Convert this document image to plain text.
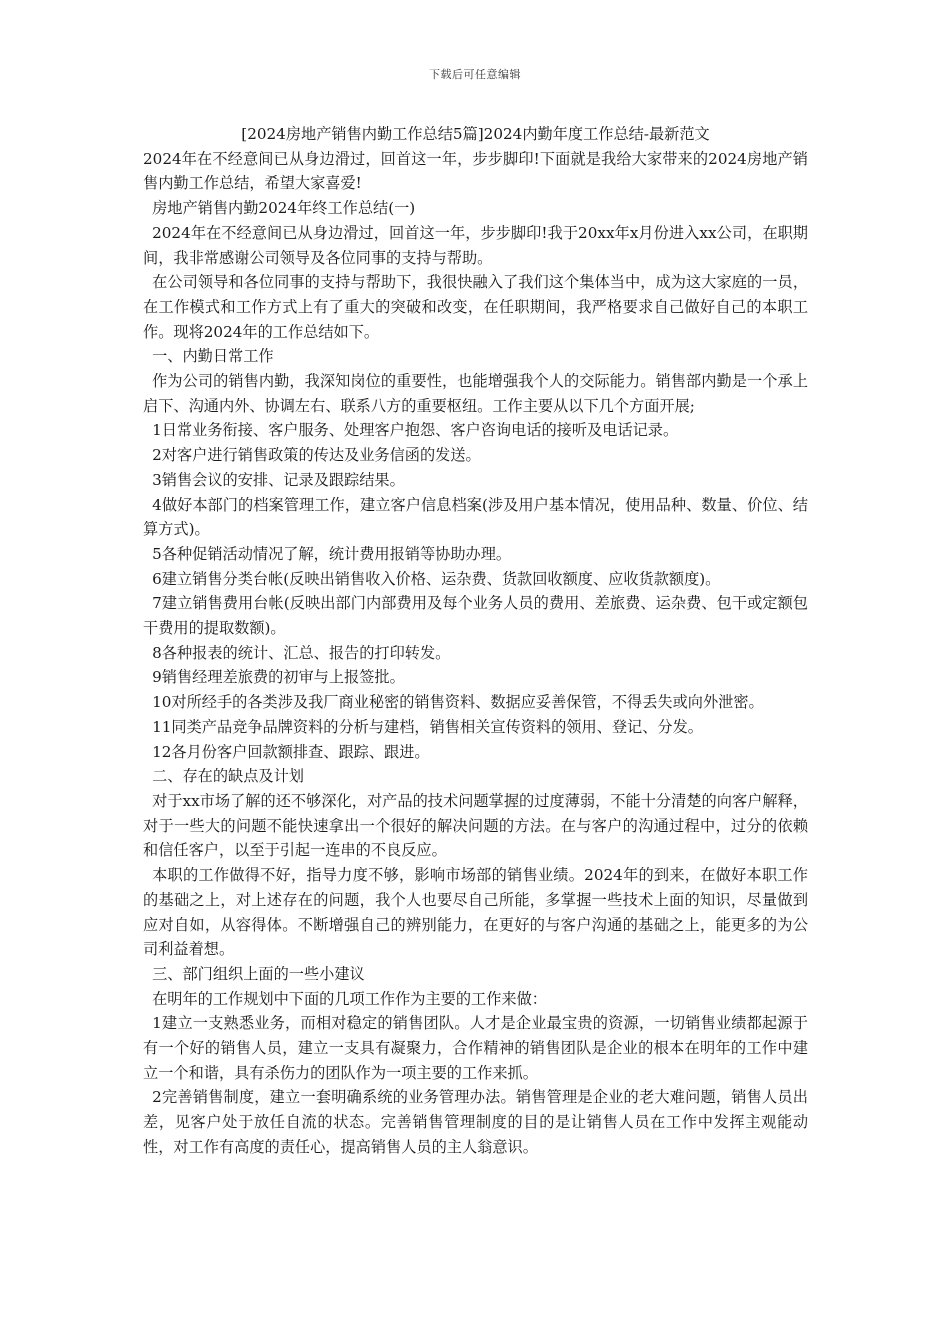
下载后可任意编辑

[2024房地产销售内勤工作总结5篇]2024内勤年度工作总结-最新范文

2024年在不经意间已从身边滑过，回首这一年，步步脚印!下面就是我给大家带来的2024房地产销售内勤工作总结，希望大家喜爱!

房地产销售内勤2024年终工作总结(一)

2024年在不经意间已从身边滑过，回首这一年，步步脚印!我于20xx年x月份进入xx公司，在职期间，我非常感谢公司领导及各位同事的支持与帮助。

在公司领导和各位同事的支持与帮助下，我很快融入了我们这个集体当中，成为这大家庭的一员，在工作模式和工作方式上有了重大的突破和改变，在任职期间，我严格要求自己做好自己的本职工作。现将2024年的工作总结如下。

一、内勤日常工作

作为公司的销售内勤，我深知岗位的重要性，也能增强我个人的交际能力。销售部内勤是一个承上启下、沟通内外、协调左右、联系八方的重要枢纽。工作主要从以下几个方面开展;

1日常业务衔接、客户服务、处理客户抱怨、客户咨询电话的接听及电话记录。

2对客户进行销售政策的传达及业务信函的发送。

3销售会议的安排、记录及跟踪结果。

4做好本部门的档案管理工作，建立客户信息档案(涉及用户基本情况，使用品种、数量、价位、结算方式)。

5各种促销活动情况了解，统计费用报销等协助办理。

6建立销售分类台帐(反映出销售收入价格、运杂费、货款回收额度、应收货款额度)。

7建立销售费用台帐(反映出部门内部费用及每个业务人员的费用、差旅费、运杂费、包干或定额包干费用的提取数额)。

8各种报表的统计、汇总、报告的打印转发。

9销售经理差旅费的初审与上报签批。

10对所经手的各类涉及我厂商业秘密的销售资料、数据应妥善保管，不得丢失或向外泄密。

11同类产品竞争品牌资料的分析与建档，销售相关宣传资料的领用、登记、分发。

12各月份客户回款额排查、跟踪、跟进。

二、存在的缺点及计划

对于xx市场了解的还不够深化，对产品的技术问题掌握的过度薄弱，不能十分清楚的向客户解释，对于一些大的问题不能快速拿出一个很好的解决问题的方法。在与客户的沟通过程中，过分的依赖和信任客户，以至于引起一连串的不良反应。

本职的工作做得不好，指导力度不够，影响市场部的销售业绩。2024年的到来，在做好本职工作的基础之上，对上述存在的问题，我个人也要尽自己所能，多掌握一些技术上面的知识，尽量做到应对自如，从容得体。不断增强自己的辨别能力，在更好的与客户沟通的基础之上，能更多的为公司利益着想。

三、部门组织上面的一些小建议

在明年的工作规划中下面的几项工作作为主要的工作来做：

1建立一支熟悉业务，而相对稳定的销售团队。人才是企业最宝贵的资源，一切销售业绩都起源于有一个好的销售人员，建立一支具有凝聚力，合作精神的销售团队是企业的根本在明年的工作中建立一个和谐，具有杀伤力的团队作为一项主要的工作来抓。

2完善销售制度，建立一套明确系统的业务管理办法。销售管理是企业的老大难问题，销售人员出差，见客户处于放任自流的状态。完善销售管理制度的目的是让销售人员在工作中发挥主观能动性，对工作有高度的责任心，提高销售人员的主人翁意识。
